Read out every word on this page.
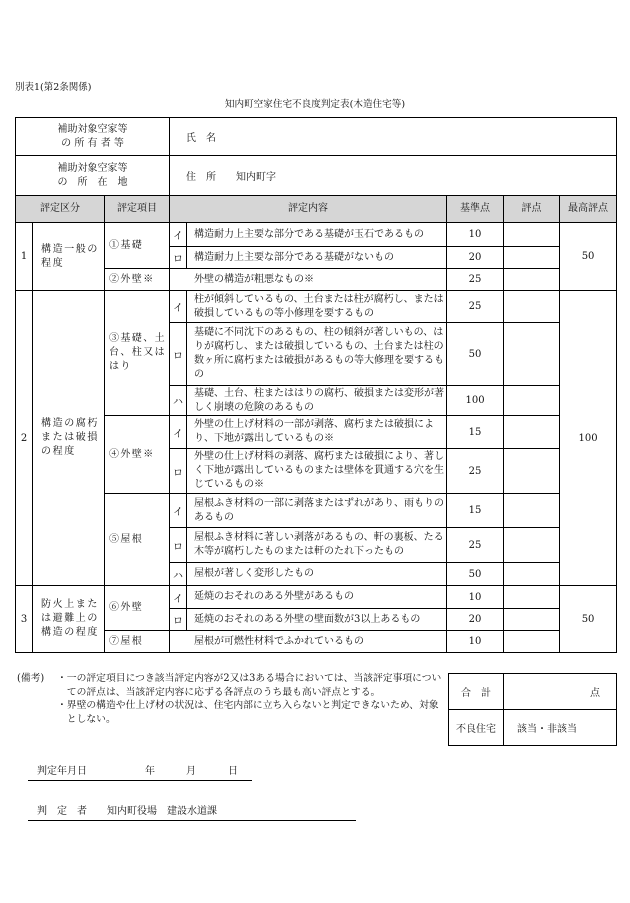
別表1(第2条関係)
知内町空家住宅不良度判定表(木造住宅等)
補助対象空家等
の 所 有 者 等			氏　名				

補助対象空家等
の　所　在　地			住　所 知内町字				
評定区分		評定項目	評定内容		基準点	評点	最高評点
1	構造一般の程度	①基礎	イ	構造耐力上主要な部分である基礎が玉石であるもの	10		50
			ロ	構造耐力上主要な部分である基礎がないもの	20		
		②外壁※	外壁の構造が粗悪なもの※		25		
2	構造の腐朽または破損の程度	③基礎、土台、柱又ははり	イ	柱が傾斜しているもの、土台または柱が腐朽し、または破損しているもの等小修理を要するもの	25		100
			ロ	基礎に不同沈下のあるもの、柱の傾斜が著しいもの、はりが腐朽し、または破損しているもの、土台または柱の数ヶ所に腐朽または破損があるもの等大修理を要するもの	50		
			ハ	基礎、土台、柱またははりの腐朽、破損または変形が著しく崩壊の危険のあるもの	100		
		④外壁※	イ	外壁の仕上げ材料の一部が剥落、腐朽または破損により、下地が露出しているもの※	15		
			ロ	外壁の仕上げ材料の剥落、腐朽または破損により、著しく下地が露出しているものまたは壁体を貫通する穴を生じているもの※	25		
		⑤屋根	イ	屋根ふき材料の一部に剥落またはずれがあり、雨もりのあるもの	15		
			ロ	屋根ふき材料に著しい剥落があるもの、軒の裏板、たる木等が腐朽したものまたは軒のたれ下ったもの	25		
			ハ	屋根が著しく変形したもの	50		
3	防火上または避難上の構造の程度	⑥外壁	イ	延焼のおそれのある外壁があるもの	10		50
			ロ	延焼のおそれのある外壁の壁面数が3以上あるもの	20		
		⑦屋根	屋根が可燃性材料でふかれているもの		10		
(備考) ・ 一の評定項目につき該当評定内容が2又は3ある場合においては、当該評定事項についての評点は、当該評定内容に応ずる各評点のうち最も高い評点とする。
・ 界壁の構造や仕上げ材の状況は、住宅内部に立ち入らないと判定できないため、対象としない。
合　計	点
不良住宅	該当・非該当
判定年月日	年	月	日
判　定　者 知内町役場　建設水道課
